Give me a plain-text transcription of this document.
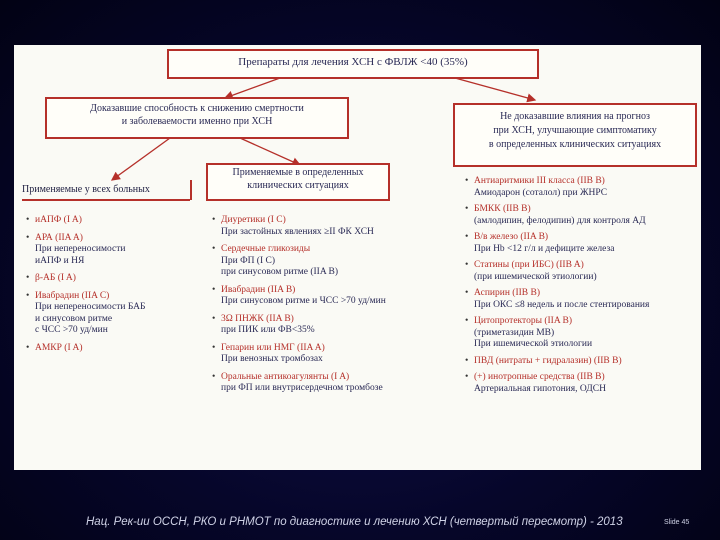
Препараты для лечения ХСН с ФВЛЖ <40 (35%)
Доказавшие способность к снижению смертности
и заболеваемости именно при ХСН	Не доказавшие влияния на прогноз
при ХСН, улучшающие симптоматику
в определенных клинических ситуациях
Применяемые у всех больных
Применяемые в определенных
клинических ситуациях
• иАПФ (I A)
• АРА (IIA A)
При непереносимости
иАПФ и НЯ
• β-АБ (I A)
• Ивабрадин (IIA C)
При непереносимости БАБ
и синусовом ритме
с ЧСС >70 уд/мин
• АМКР (I A)
• Диуретики (I C)
При застойных явлениях ≥II ФК ХСН
• Сердечные гликозиды
При ФП (I C)
при синусовом ритме (IIA B)
• Ивабрадин (IIA B)
При синусовом ритме и ЧСС >70 уд/мин
• 3Ω ПНЖК (IIA B)
при ПИК или ФВ<35%
• Гепарин или НМГ (IIA A)
При венозных тромбозах
• Оральные антикоагулянты (I A)
при ФП или внутрисердечном тромбозе
• Антиаритмики III класса (IIB B)
Амиодарон (соталол) при ЖНРС
• БМКК (IIB B)
(амлодипин, фелодипин) для контроля АД
• В/в железо (IIA B)
При Hb <12 г/л и дефиците железа
• Статины (при ИБС) (IIB A)
(при ишемической этиологии)
• Аспирин (IIB B)
При ОКС ≤8 недель и после стентирования
• Цитопротекторы (IIA B)
(триметазидин МВ)
При ишемической этиологии
• ПВД (нитраты + гидралазин) (IIB B)
• (+) инотропные средства (IIB B)
Артериальная гипотония, ОДСН
Нац. Рек-ии ОССН, РКО и РНМОТ по диагностике и лечению ХСН (четвертый пересмотр) - 2013	Slide 45
